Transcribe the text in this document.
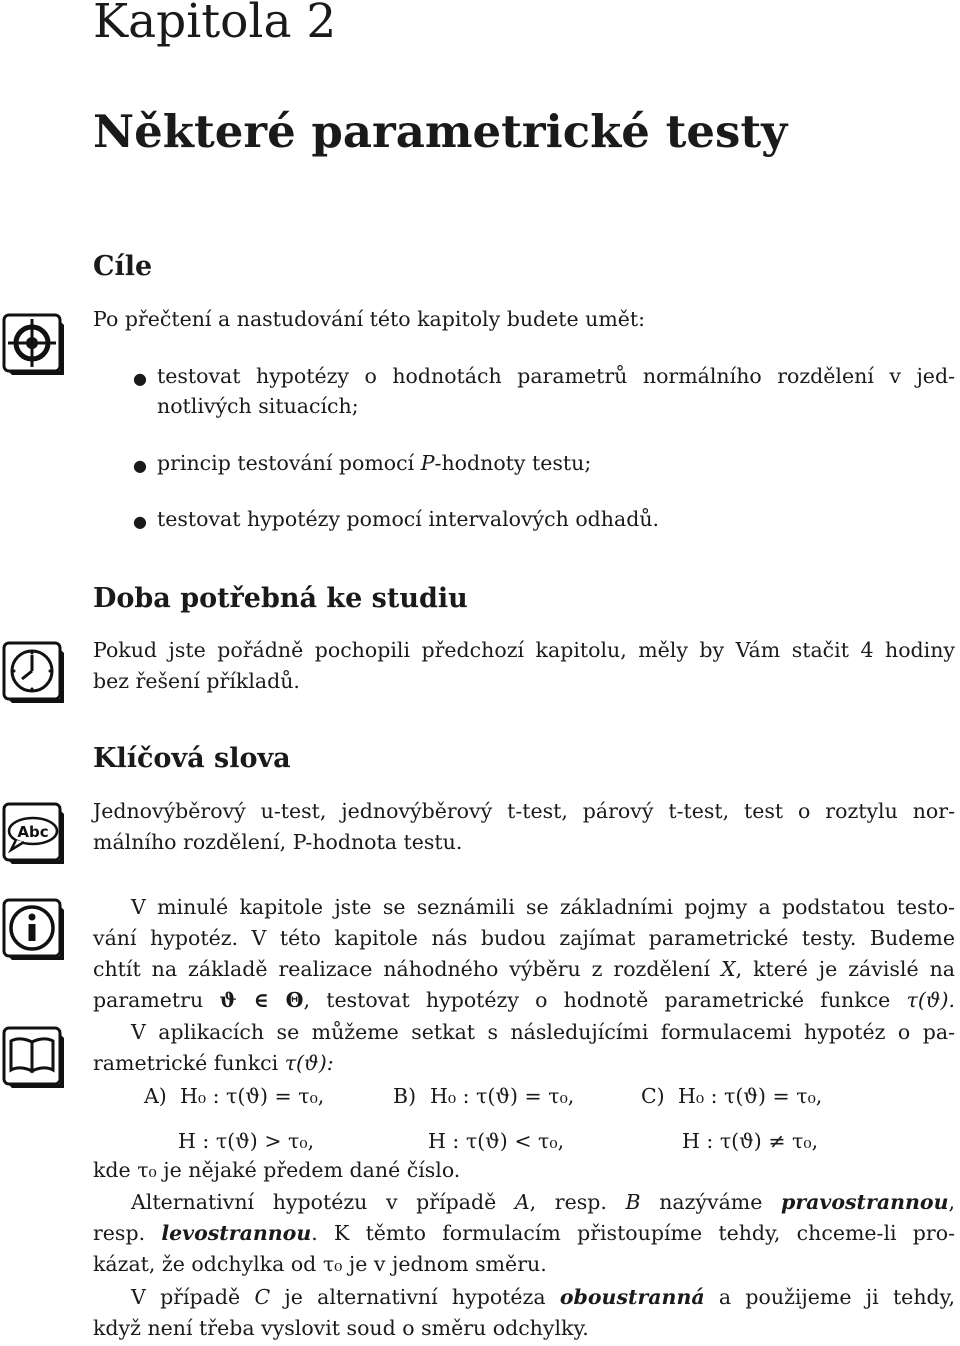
Kapitola 2
Některé parametrické testy
Cíle
Po přečtení a nastudování této kapitoly budete umět:
● testovat hypotézy o hodnotách parametrů normálního rozdělení v jed-
notlivých situacích;
● princip testování pomocí P-hodnoty testu;
● testovat hypotézy pomocí intervalových odhadů.
Doba potřebná ke studiu
Pokud jste pořádně pochopili předchozí kapitolu, měly by Vám stačit 4 hodiny
bez řešení příkladů.
Klíčová slova
Abc
Jednovýběrový u-test, jednovýběrový t-test, párový t-test, test o roztylu nor-
málního rozdělení, P-hodnota testu.
V minulé kapitole jste se seznámili se základními pojmy a podstatou testo-
vání hypotéz. V této kapitole nás budou zajímat parametrické testy. Budeme
chtít na základě realizace náhodného výběru z rozdělení X, které je závislé na
parametru ϑ ∈ Θ, testovat hypotézy o hodnotě parametrické funkce τ(ϑ).
V aplikacích se můžeme setkat s následujícími formulacemi hypotéz o pa-
rametrické funkci τ(ϑ):
A) H₀ : τ(ϑ) = τ₀,	B) H₀ : τ(ϑ) = τ₀,	C) H₀ : τ(ϑ) = τ₀,
H : τ(ϑ) > τ₀,	H : τ(ϑ) < τ₀,	H : τ(ϑ) ≠ τ₀,
kde τ₀ je nějaké předem dané číslo.
Alternativní hypotézu v případě A, resp. B nazýváme pravostrannou,
resp. levostrannou. K těmto formulacím přistoupíme tehdy, chceme-li pro-
kázat, že odchylka od τ₀ je v jednom směru.
V případě C je alternativní hypotéza oboustranná a použijeme ji tehdy,
když není třeba vyslovit soud o směru odchylky.
